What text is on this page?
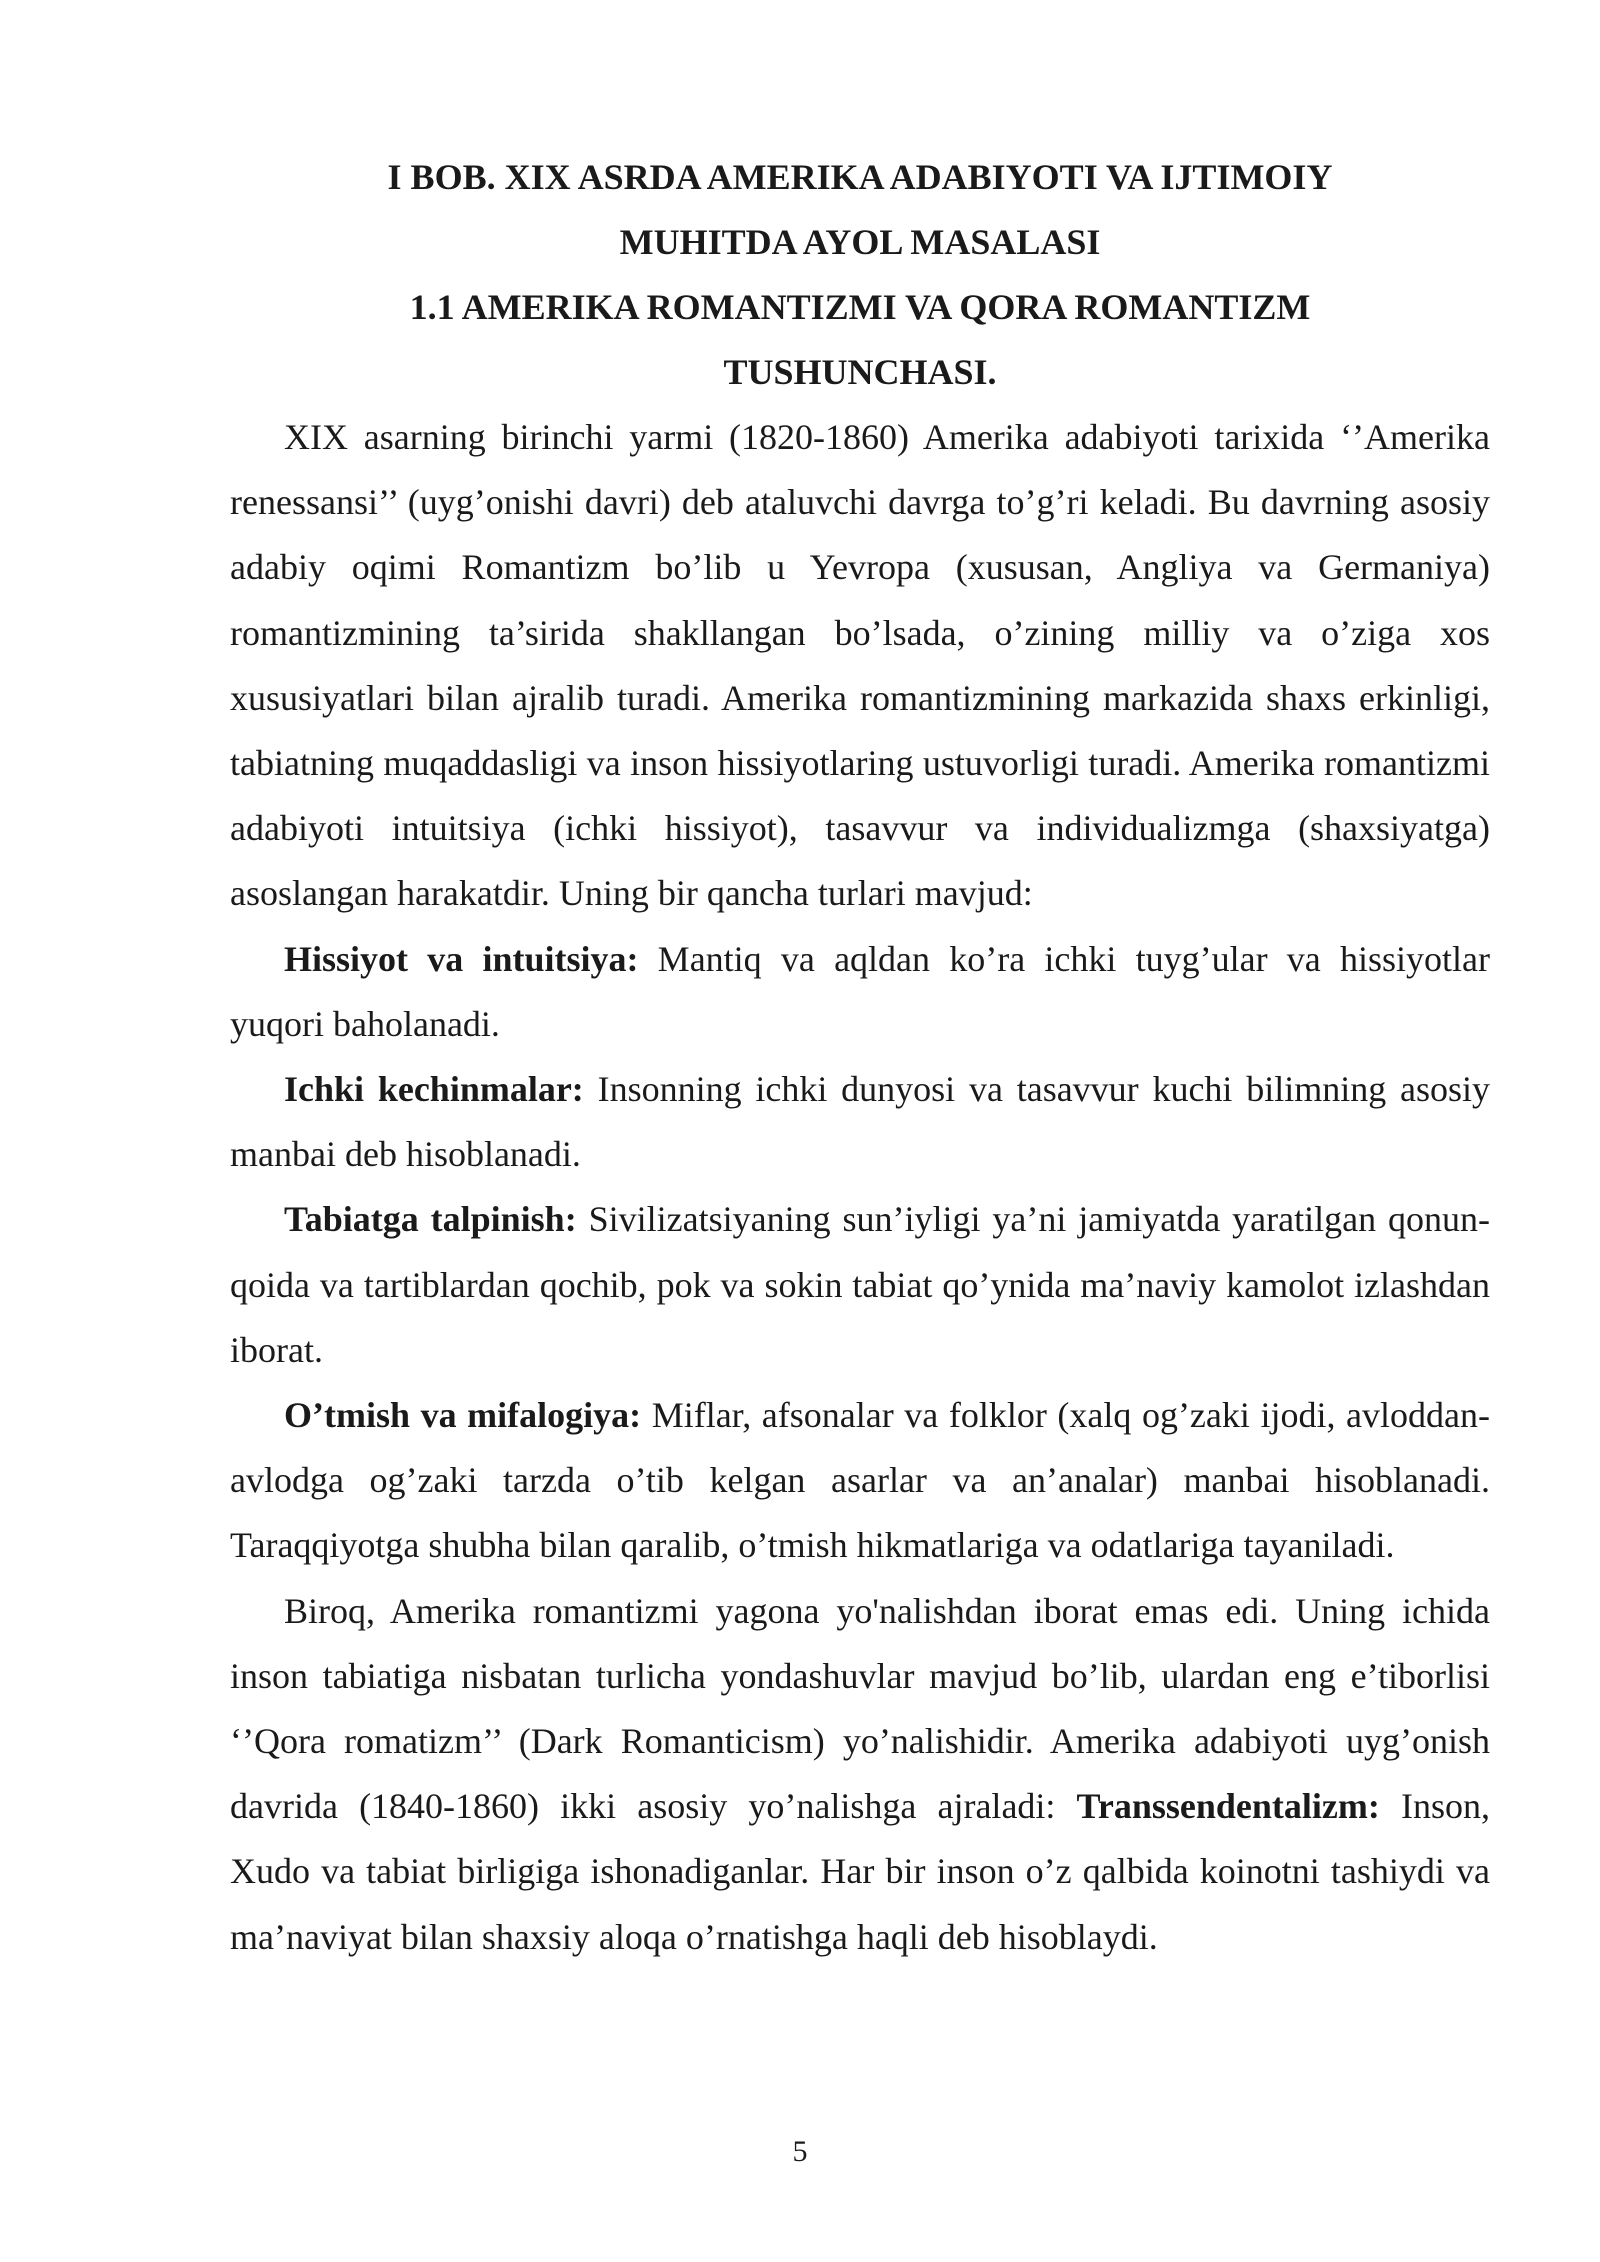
I BOB. XIX ASRDA AMERIKA ADABIYOTI VA IJTIMOIY
MUHITDA AYOL MASALASI
1.1 AMERIKA ROMANTIZMI VA QORA ROMANTIZM
TUSHUNCHASI.

XIX asarning birinchi yarmi (1820-1860) Amerika adabiyoti tarixida ‘’Amerika renessansi’’ (uyg’onishi davri) deb ataluvchi davrga to’g’ri keladi. Bu davrning asosiy adabiy oqimi Romantizm bo’lib u Yevropa (xususan, Angliya va Germaniya) romantizmining ta’sirida shakllangan bo’lsada, o’zining milliy va o’ziga xos xususiyatlari bilan ajralib turadi. Amerika romantizmining markazida shaxs erkinligi, tabiatning muqaddasligi va inson hissiyotlaring ustuvorligi turadi. Amerika romantizmi adabiyoti intuitsiya (ichki hissiyot), tasavvur va individualizmga (shaxsiyatga) asoslangan harakatdir. Uning bir qancha turlari mavjud:

Hissiyot va intuitsiya: Mantiq va aqldan ko’ra ichki tuyg’ular va hissiyotlar yuqori baholanadi.

Ichki kechinmalar: Insonning ichki dunyosi va tasavvur kuchi bilimning asosiy manbai deb hisoblanadi.

Tabiatga talpinish: Sivilizatsiyaning sun’iyligi ya’ni jamiyatda yaratilgan qonun-qoida va tartiblardan qochib, pok va sokin tabiat qo’ynida ma’naviy kamolot izlashdan iborat.

O’tmish va mifalogiya: Miflar, afsonalar va folklor (xalq og’zaki ijodi, avloddan-avlodga og’zaki tarzda o’tib kelgan asarlar va an’analar) manbai hisoblanadi. Taraqqiyotga shubha bilan qaralib, o’tmish hikmatlariga va odatlariga tayaniladi.

Biroq, Amerika romantizmi yagona yo'nalishdan iborat emas edi. Uning ichida inson tabiatiga nisbatan turlicha yondashuvlar mavjud bo’lib, ulardan eng e’tiborlisi ‘’Qora romatizm’’ (Dark Romanticism) yo’nalishidir. Amerika adabiyoti uyg’onish davrida (1840-1860) ikki asosiy yo’nalishga ajraladi: Transsendentalizm: Inson, Xudo va tabiat birligiga ishonadiganlar. Har bir inson o’z qalbida koinotni tashiydi va ma’naviyat bilan shaxsiy aloqa o’rnatishga haqli deb hisoblaydi.

5
